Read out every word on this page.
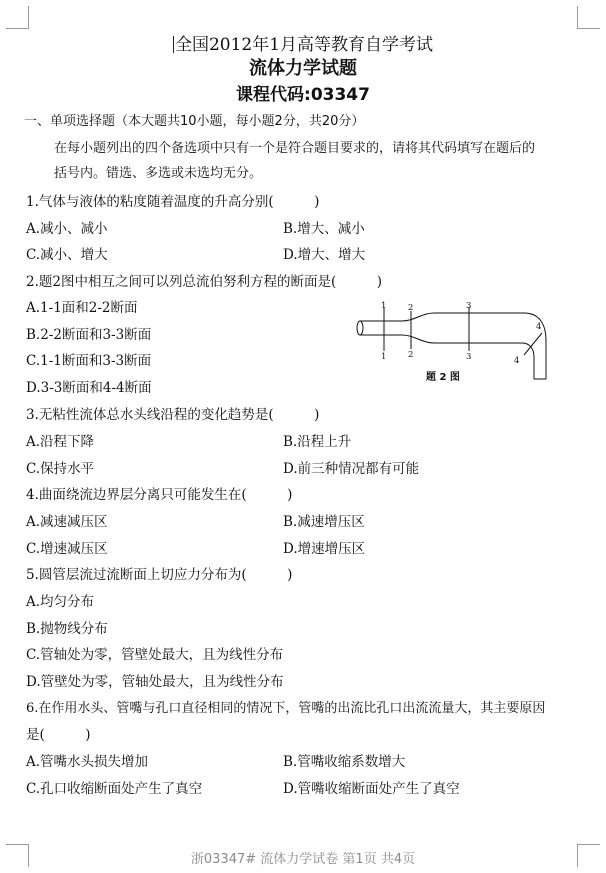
全国2012年1月高等教育自学考试
流体力学试题
课程代码:03347
一、单项选择题（本大题共10小题，每小题2分，共20分）
在每小题列出的四个备选项中只有一个是符合题目要求的，请将其代码填写在题后的
括号内。错选、多选或未选均无分。
1.气体与液体的粘度随着温度的升高分别(　　　)
A.减小、减小	B.增大、减小
C.减小、增大	D.增大、增大
2.题2图中相互之间可以列总流伯努利方程的断面是(　　　)
A.1-1面和2-2断面
B.2-2断面和3-3断面
C.1-1断面和3-3断面
D.3-3断面和4-4断面
1
1
2
2
3
3
4
4
题 2 图
3.无粘性流体总水头线沿程的变化趋势是(　　　)
A.沿程下降	B.沿程上升
C.保持水平	D.前三种情况都有可能
4.曲面绕流边界层分离只可能发生在(　　　)
A.减速减压区	B.减速增压区
C.增速减压区	D.增速增压区
5.圆管层流过流断面上切应力分布为(　　　)
A.均匀分布
B.抛物线分布
C.管轴处为零，管壁处最大，且为线性分布
D.管壁处为零，管轴处最大，且为线性分布
6.在作用水头、管嘴与孔口直径相同的情况下，管嘴的出流比孔口出流流量大，其主要原因
是(　　　)
A.管嘴水头损失增加	B.管嘴收缩系数增大
C.孔口收缩断面处产生了真空	D.管嘴收缩断面处产生了真空
浙03347# 流体力学试卷 第1页 共4页
